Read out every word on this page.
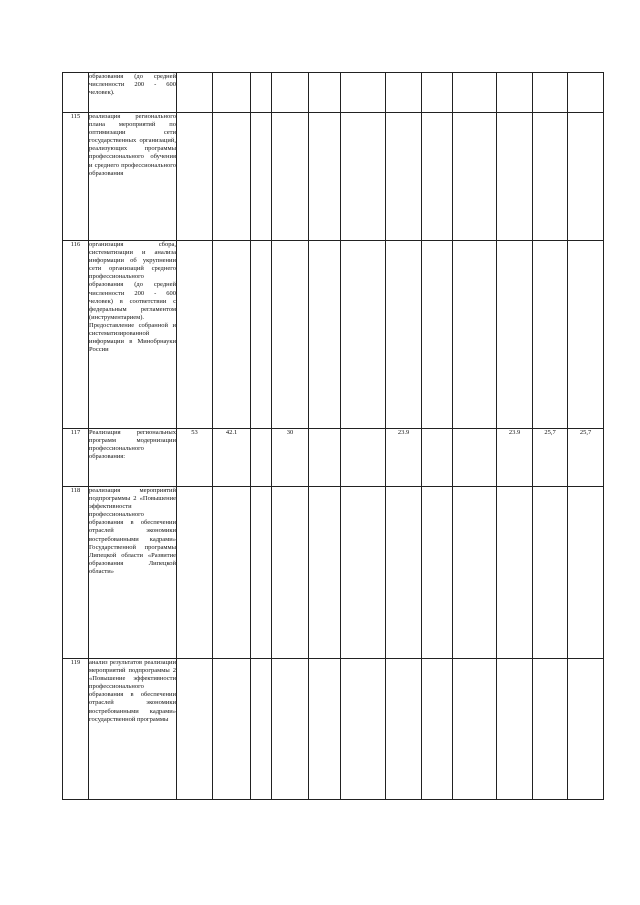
	образования (до средней численности 200 - 600 человек).													

115	реализация регионального плана мероприятий по оптимизации сети государственных организаций, реализующих программы профессионального обучения и среднего профессионального образования													

116	организация сбора, систематизации и анализа информации об укрупнении сети организаций среднего профессионального образования (до средней численности 200 - 600 человек) в соответствии с федеральным регламентом (инструментарием). Предоставление собранной и систематизированной информации в Минобрнауки России													

117	Реализация региональных программ модернизации профессионального образования:	53	42.1		30			23.9			23.9	25,7	25,7	
118	реализация мероприятий подпрограммы 2 «Повышение эффективности профессионального образования в обеспечении отраслей экономики востребованными кадрами» Государственной программы Липецкой области «Развитие образования Липецкой области»													

119	анализ результатов реализации мероприятий подпрограммы 2 «Повышение эффективности профессионального образования в обеспечении отраслей экономики востребованными кадрами» государственной программы													
